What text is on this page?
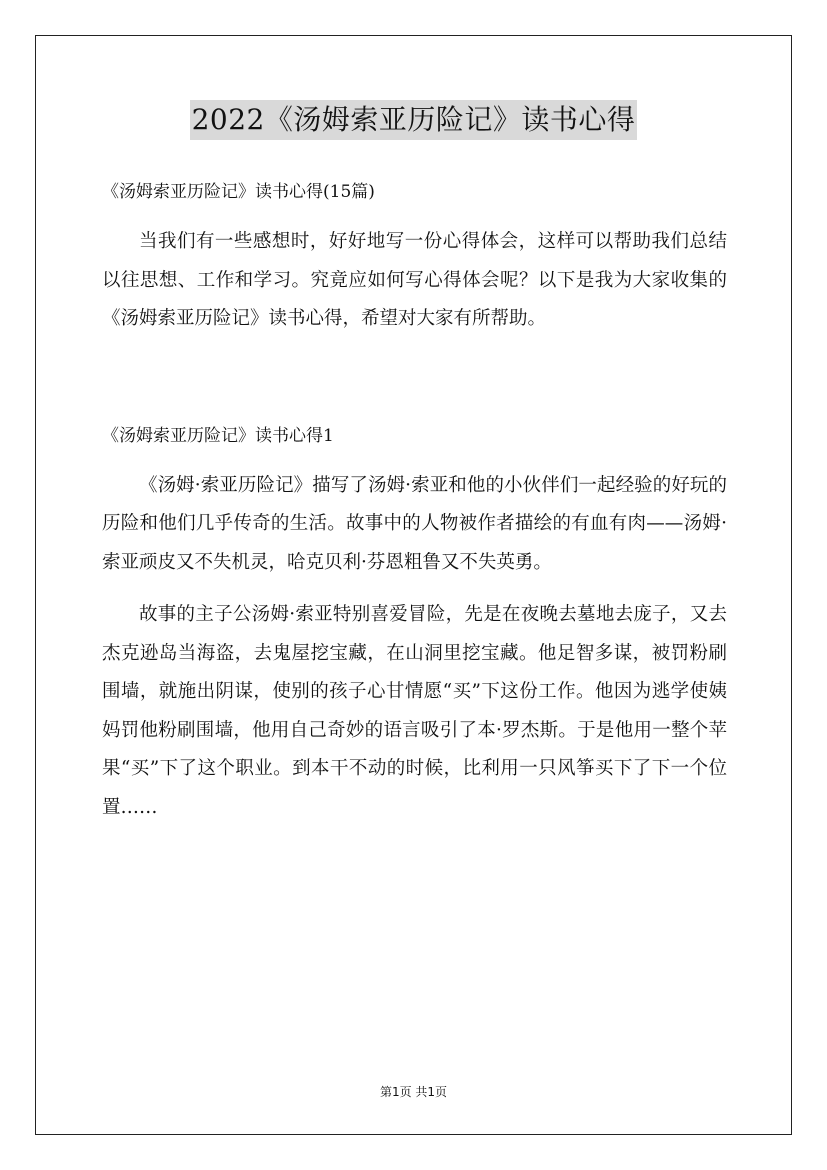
2022《汤姆索亚历险记》读书心得

《汤姆索亚历险记》读书心得(15篇)

当我们有一些感想时，好好地写一份心得体会，这样可以帮助我们总结以往思想、工作和学习。究竟应如何写心得体会呢？以下是我为大家收集的《汤姆索亚历险记》读书心得，希望对大家有所帮助。

《汤姆索亚历险记》读书心得1

《汤姆·索亚历险记》描写了汤姆·索亚和他的小伙伴们一起经验的好玩的历险和他们几乎传奇的生活。故事中的人物被作者描绘的有血有肉——汤姆·索亚顽皮又不失机灵，哈克贝利·芬恩粗鲁又不失英勇。

故事的主子公汤姆·索亚特别喜爱冒险，先是在夜晚去墓地去庞子，又去杰克逊岛当海盗，去鬼屋挖宝藏，在山洞里挖宝藏。他足智多谋，被罚粉刷围墙，就施出阴谋，使别的孩子心甘情愿“买”下这份工作。他因为逃学使姨妈罚他粉刷围墙，他用自己奇妙的语言吸引了本·罗杰斯。于是他用一整个苹果“买”下了这个职业。到本干不动的时候，比利用一只风筝买下了下一个位置……

第1页 共1页
